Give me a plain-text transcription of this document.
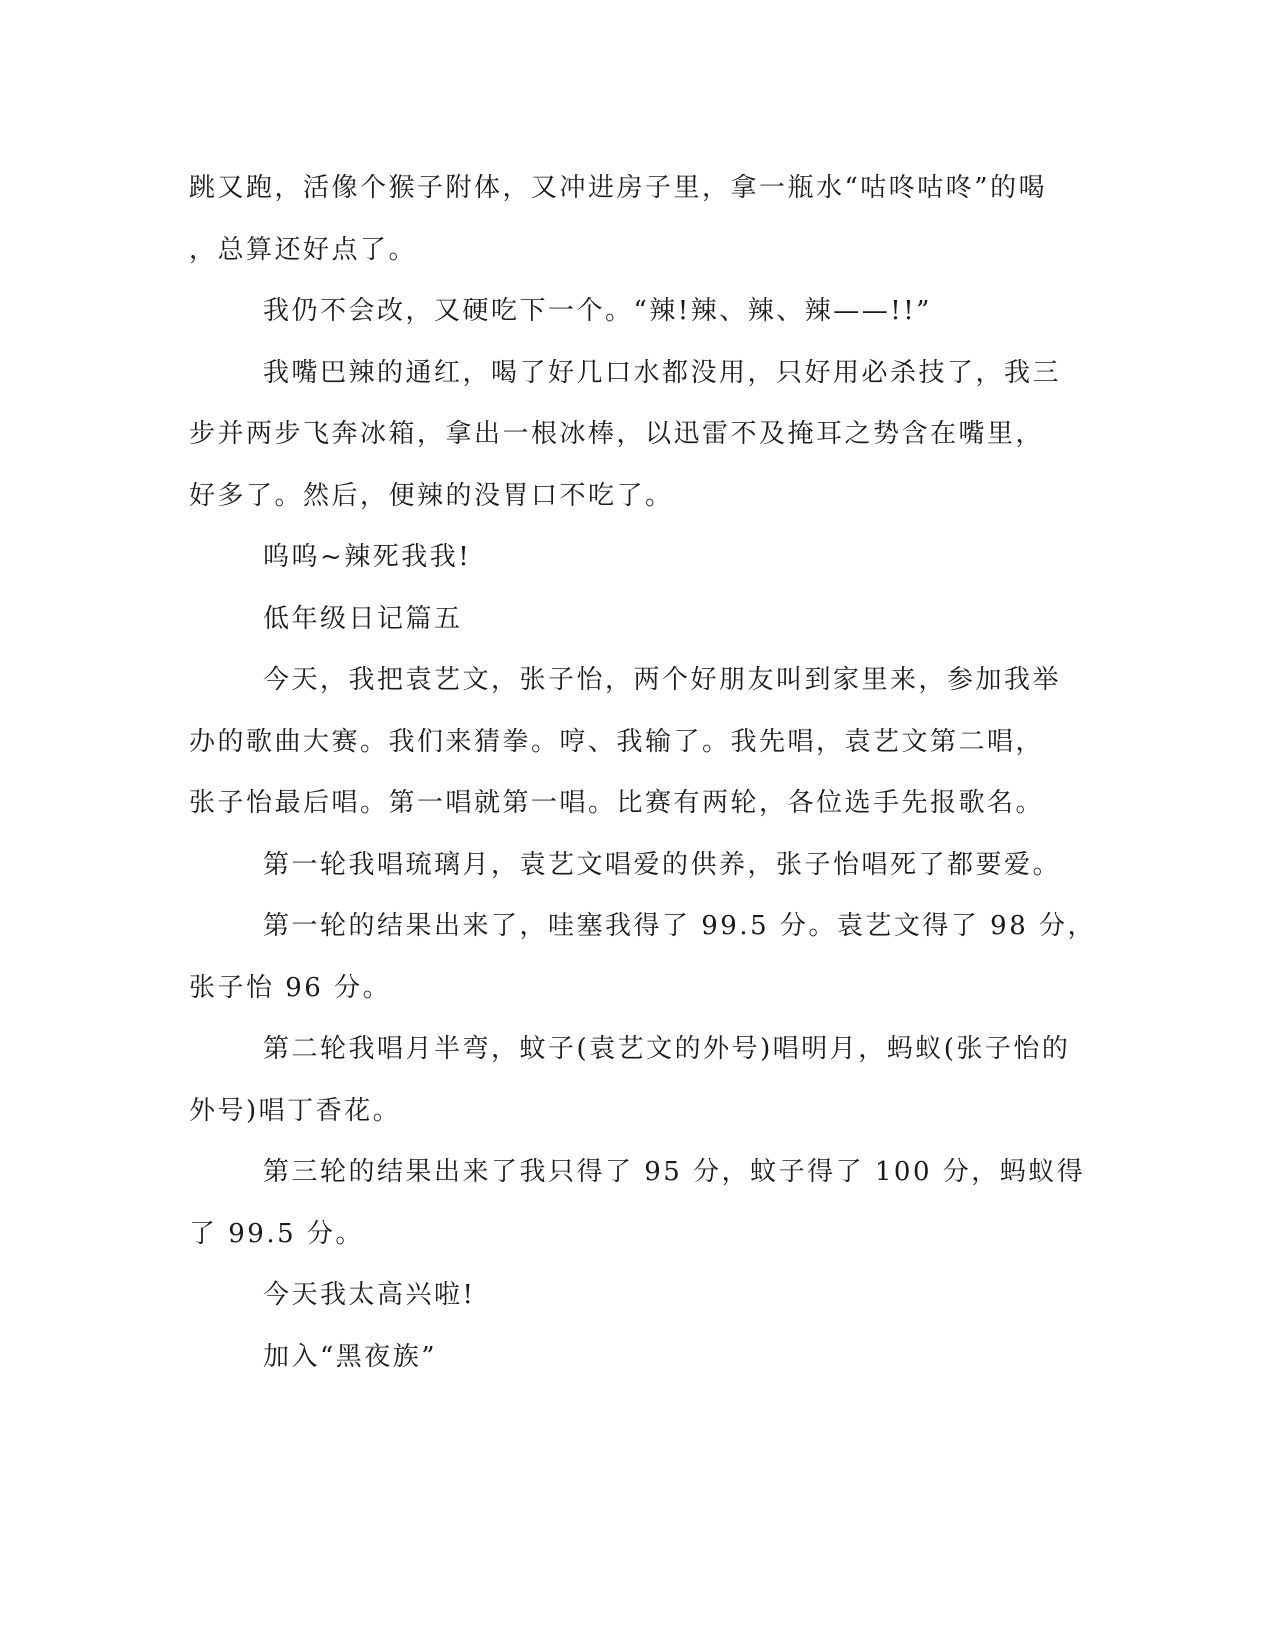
跳又跑，活像个猴子附体，又冲进房子里，拿一瓶水“咕咚咕咚”的喝
，总算还好点了。
我仍不会改，又硬吃下一个。“辣!辣、辣、辣——!!”
我嘴巴辣的通红，喝了好几口水都没用，只好用必杀技了，我三
步并两步飞奔冰箱，拿出一根冰棒，以迅雷不及掩耳之势含在嘴里，
好多了。然后，便辣的没胃口不吃了。
呜呜~辣死我我!
低年级日记篇五
今天，我把袁艺文，张子怡，两个好朋友叫到家里来，参加我举
办的歌曲大赛。我们来猜拳。哼、我输了。我先唱，袁艺文第二唱，
张子怡最后唱。第一唱就第一唱。比赛有两轮，各位选手先报歌名。
第一轮我唱琉璃月，袁艺文唱爱的供养，张子怡唱死了都要爱。
第一轮的结果出来了，哇塞我得了 99.5 分。袁艺文得了 98 分，
张子怡 96 分。
第二轮我唱月半弯，蚊子(袁艺文的外号)唱明月，蚂蚁(张子怡的
外号)唱丁香花。
第三轮的结果出来了我只得了 95 分，蚊子得了 100 分，蚂蚁得
了 99.5 分。
今天我太高兴啦!
加入“黑夜族”
